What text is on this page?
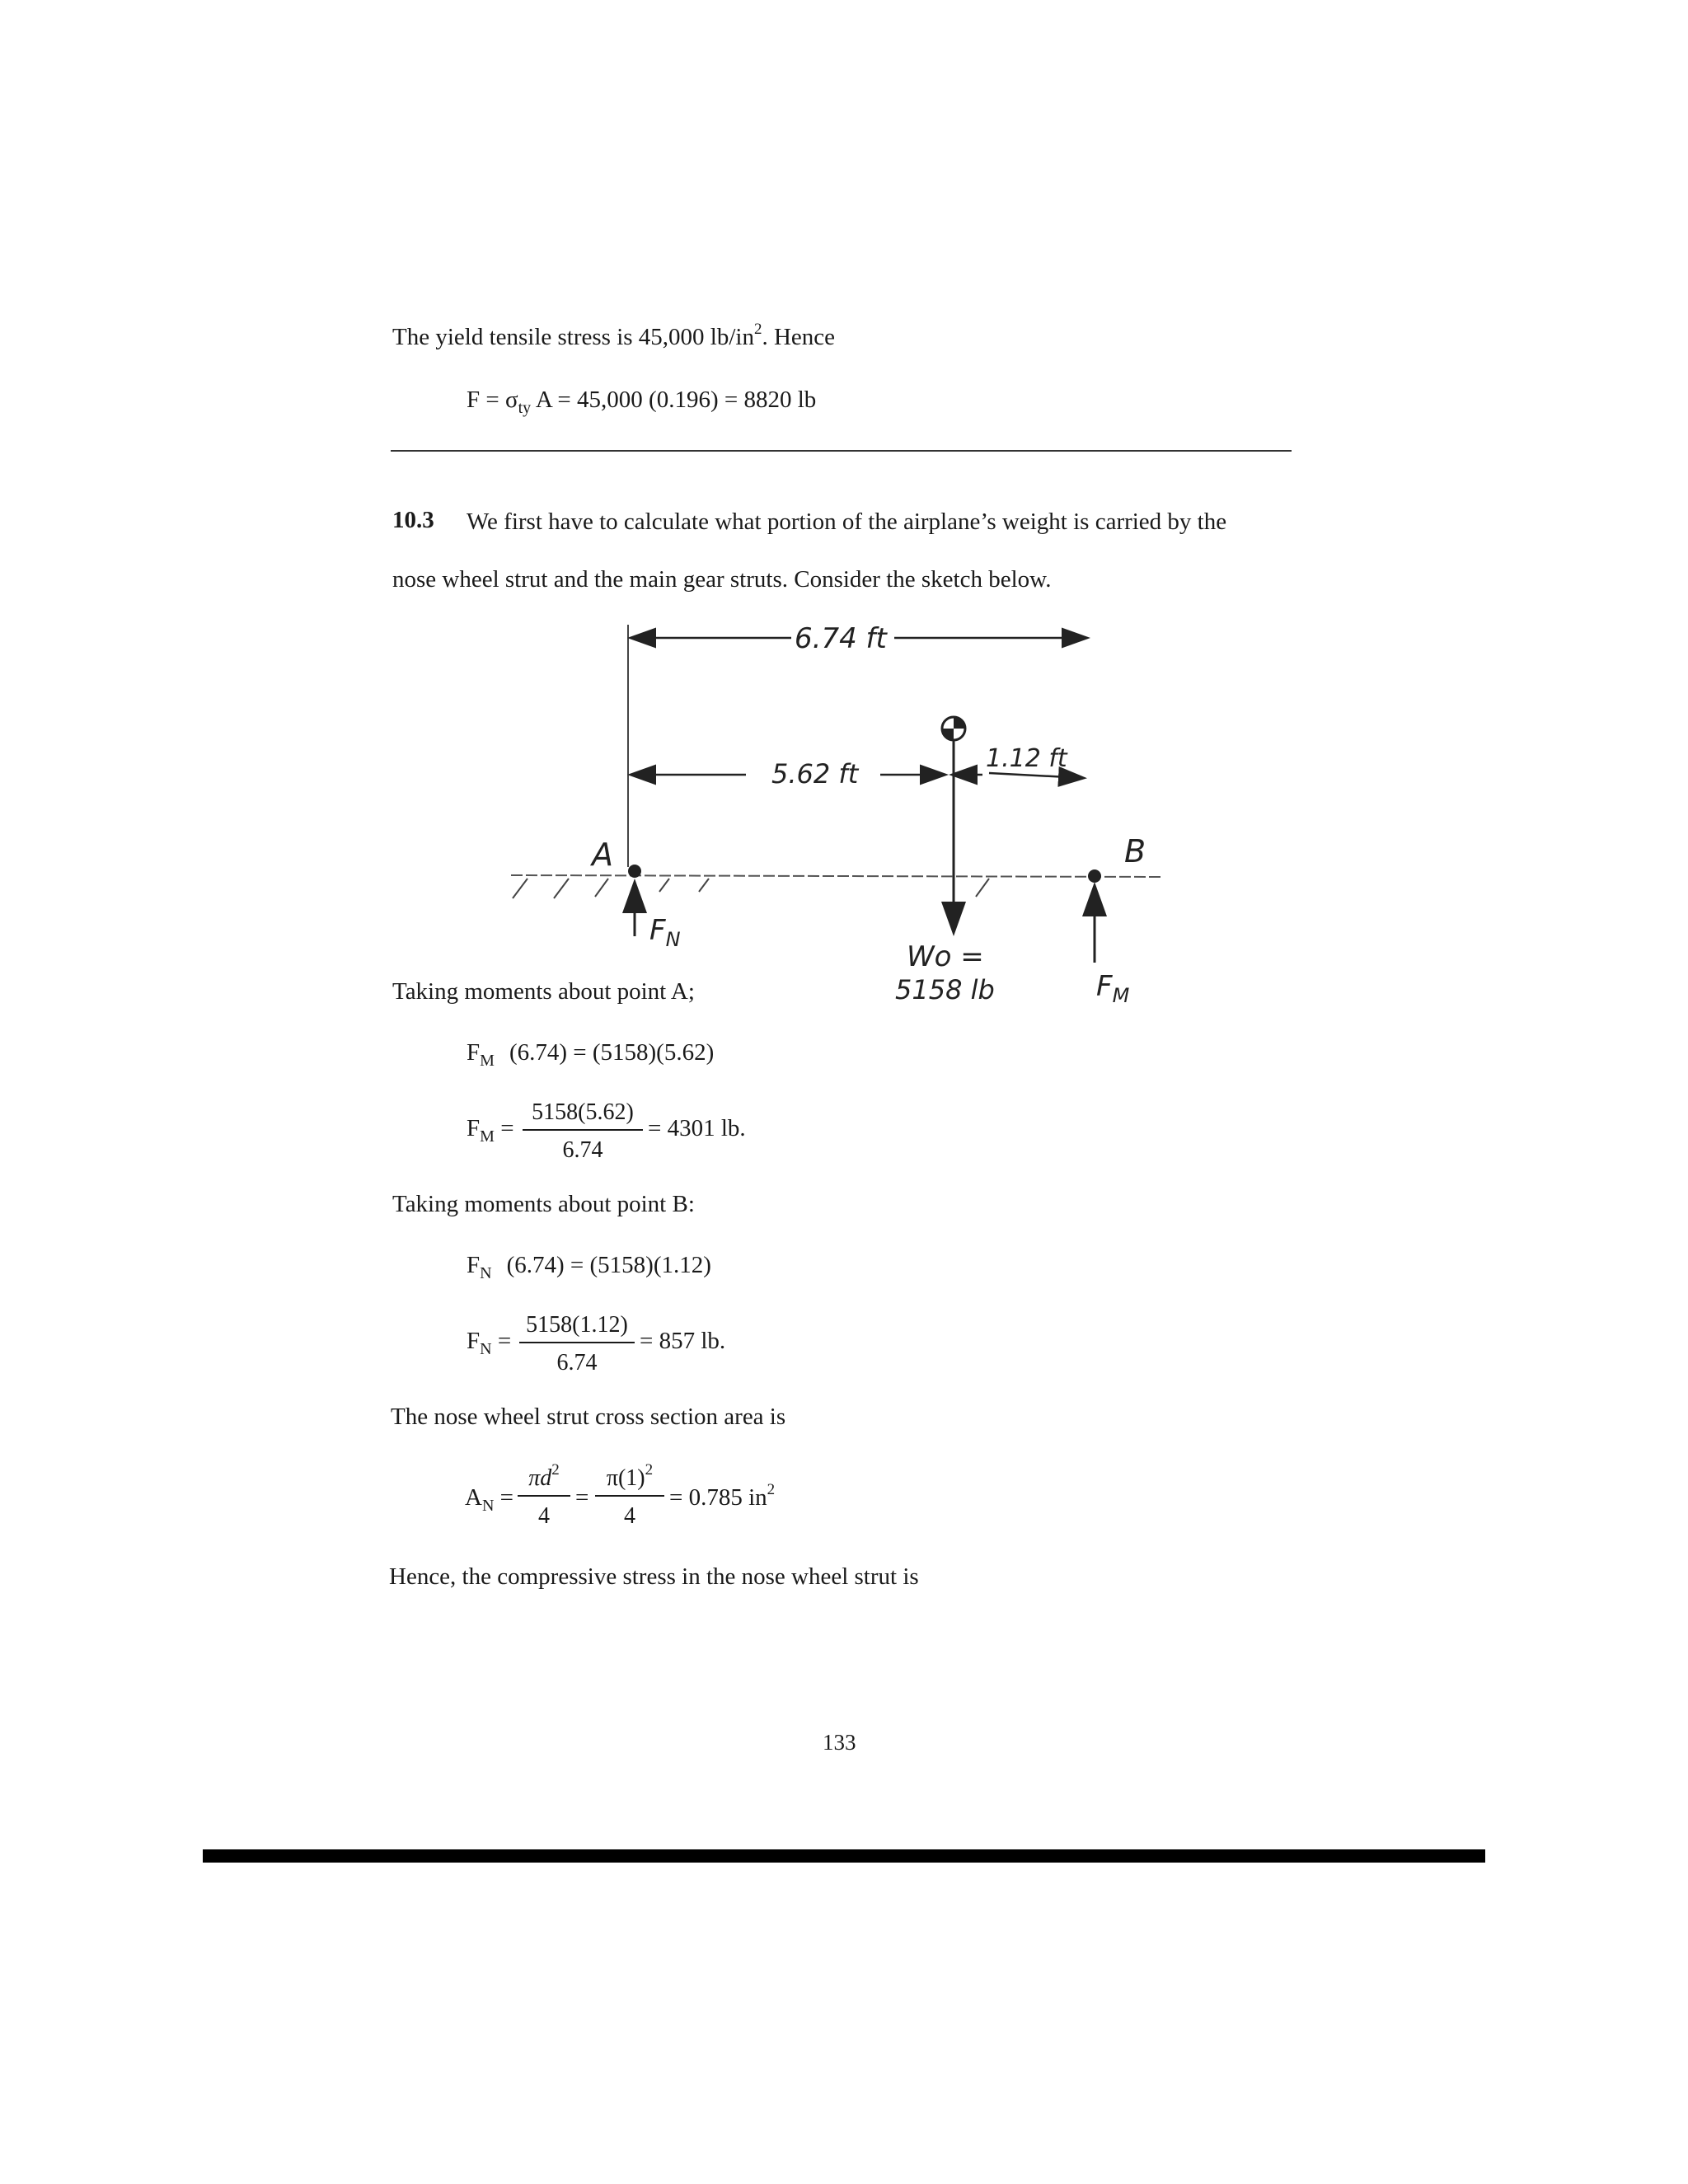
The yield tensile stress is 45,000 $lb/in^2$. Hence
$F = \sigma_{ty}$ A = 45,000 (0.196) = 8820 lb
10.3 We first have to calculate what portion of the airplane’s weight is carried by the
nose wheel strut and the main gear struts. Consider the sketch below.
6.74 ft
5.62 ft	1.12 ft
Wo =
5158 lb
A
$F_N$
B
$F_M$
Taking moments about point A;
$F_M$ (6.74) = (5158)(5.62)
$F_M = \frac{5158(5.62)}{6.74} = 4301$ lb.
Taking moments about point B:
$F_N$ (6.74) = (5158)(1.12)
$F_N = \frac{5158(1.12)}{6.74} = 857$ lb.
The nose wheel strut cross section area is
$A_N = \frac{\pi d^2}{4} = \frac{\pi(1)^2}{4} = 0.785$ $in^2$
Hence, the compressive stress in the nose wheel strut is
133
